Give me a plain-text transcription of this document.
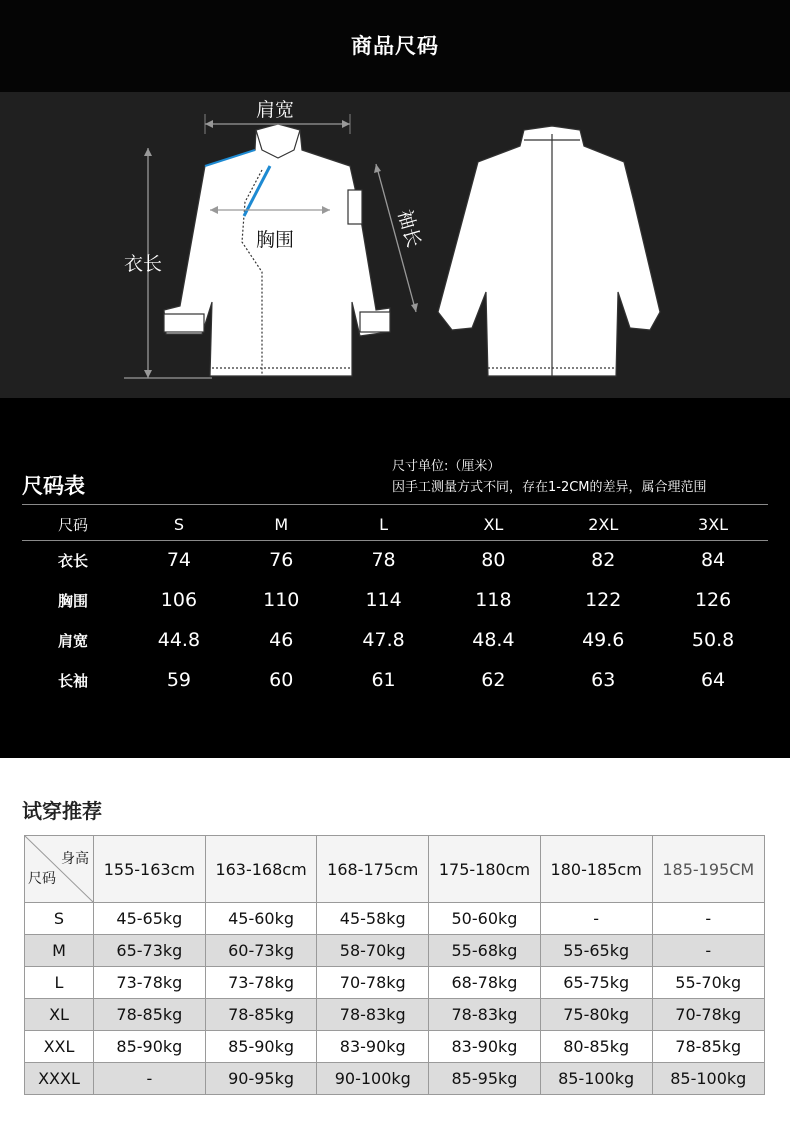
商品尺码
肩宽
胸围
衣长
袖长
尺码表
尺寸单位:（厘米）
因手工测量方式不同，存在1-2CM的差异，属合理范围
尺码	S	M	L	XL	2XL	3XL
衣长	74	76	78	80	82	84
胸围	106	110	114	118	122	126
肩宽	44.8	46	47.8	48.4	49.6	50.8
长袖	59	60	61	62	63	64
试穿推荐
身高
尺码	155-163cm	163-168cm	168-175cm	175-180cm	180-185cm	185-195CM
S	45-65kg	45-60kg	45-58kg	50-60kg	-	-
M	65-73kg	60-73kg	58-70kg	55-68kg	55-65kg	-
L	73-78kg	73-78kg	70-78kg	68-78kg	65-75kg	55-70kg
XL	78-85kg	78-85kg	78-83kg	78-83kg	75-80kg	70-78kg
XXL	85-90kg	85-90kg	83-90kg	83-90kg	80-85kg	78-85kg
XXXL	-	90-95kg	90-100kg	85-95kg	85-100kg	85-100kg
